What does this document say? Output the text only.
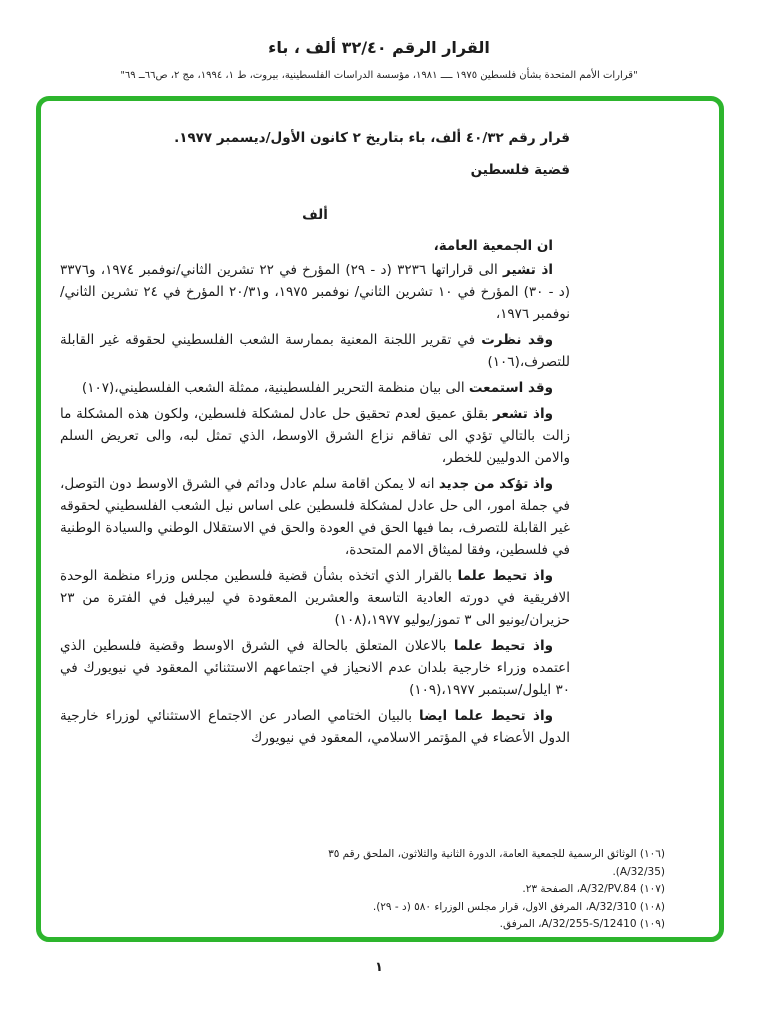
القرار الرقم ٣٢/٤٠ ألف ، باء
"قرارات الأمم المتحدة بشأن فلسطين ١٩٧٥ ــــ ١٩٨١، مؤسسة الدراسات الفلسطينية، بيروت، ط ١، ١٩٩٤، مج ٢، ص٦٦ــ ٦٩"

قرار رقم ٤٠/٣٢ ألف، باء بتاريخ ٢ كانون الأول/ديسمبر ١٩٧٧.

قضية فلسطين

ألف

ان الجمعية العامة،

اذ تشير الى قراراتها ٣٢٣٦ (د - ٢٩) المؤرخ في ٢٢ تشرين الثاني/نوفمبر ١٩٧٤، و٣٣٧٦ (د - ٣٠) المؤرخ في ١٠ تشرين الثاني/ نوفمبر ١٩٧٥، و٢٠/٣١ المؤرخ في ٢٤ تشرين الثاني/نوفمبر ١٩٧٦،

وقد نظرت في تقرير اللجنة المعنية بممارسة الشعب الفلسطيني لحقوقه غير القابلة للتصرف،(١٠٦)

وقد استمعت الى بيان منظمة التحرير الفلسطينية، ممثلة الشعب الفلسطيني،(١٠٧)

واذ تشعر بقلق عميق لعدم تحقيق حل عادل لمشكلة فلسطين، ولكون هذه المشكلة ما زالت بالتالي تؤدي الى تفاقم نزاع الشرق الاوسط، الذي تمثل لبه، والى تعريض السلم والامن الدوليين للخطر،

واذ تؤكد من جديد انه لا يمكن اقامة سلم عادل ودائم في الشرق الاوسط دون التوصل، في جملة امور، الى حل عادل لمشكلة فلسطين على اساس نيل الشعب الفلسطيني لحقوقه غير القابلة للتصرف، بما فيها الحق في العودة والحق في الاستقلال الوطني والسيادة الوطنية في فلسطين، وفقا لميثاق الامم المتحدة،

واذ تحيط علما بالقرار الذي اتخذه بشأن قضية فلسطين مجلس وزراء منظمة الوحدة الافريقية في دورته العادية التاسعة والعشرين المعقودة في ليبرفيل في الفترة من ٢٣ حزيران/يونيو الى ٣ تموز/يوليو ١٩٧٧،(١٠٨)

واذ تحيط علما بالاعلان المتعلق بالحالة في الشرق الاوسط وقضية فلسطين الذي اعتمده وزراء خارجية بلدان عدم الانحياز في اجتماعهم الاستثنائي المعقود في نيويورك في ٣٠ ايلول/سبتمبر ١٩٧٧،(١٠٩)

واذ تحيط علما ايضا بالبيان الختامي الصادر عن الاجتماع الاستثنائي لوزراء خارجية الدول الأعضاء في المؤتمر الاسلامي، المعقود في نيويورك

(١٠٦) الوثائق الرسمية للجمعية العامة، الدورة الثانية والثلاثون، الملحق رقم ٣٥ (A/32/35).

(١٠٧) A/32/PV.84، الصفحة ٢٣.

(١٠٨) A/32/310، المرفق الاول، قرار مجلس الوزراء ٥٨٠ (د - ٢٩).

(١٠٩) A/32/255-S/12410، المرفق.

١
